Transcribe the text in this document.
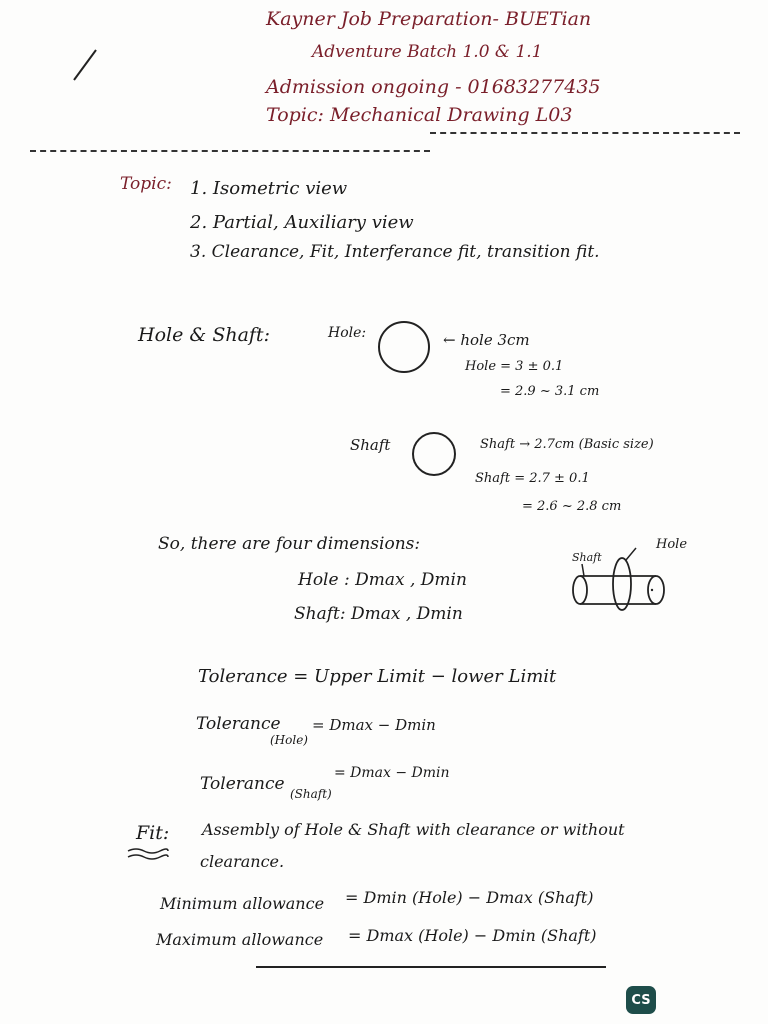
Kayner Job Preparation- BUETian
Adventure Batch 1.0 & 1.1
Admission ongoing - 01683277435
Topic: Mechanical Drawing L03
Topic: 1. Isometric view
2. Partial, Auxiliary view
3. Clearance, Fit, Interferance fit, transition fit.
Hole & Shaft:	Hole:	← hole 3cm
Hole = 3 ± 0.1
= 2.9 ~ 3.1 cm
Shaft	Shaft → 2.7cm (Basic size)
Shaft = 2.7 ± 0.1
= 2.6 ~ 2.8 cm
So, there are four dimensions:
Hole : Dmax , Dmin
Shaft: Dmax , Dmin
Shaft
Hole
Tolerance = Upper Limit − lower Limit
Tolerance
(Hole)
= Dmax − Dmin
Tolerance (Shaft)
= Dmax − Dmin
Fit: Assembly of Hole & Shaft with clearance or without
clearance.
Minimum allowance = Dmin (Hole) − Dmax (Shaft)
Maximum allowance = Dmax (Hole) − Dmin (Shaft)
CS
